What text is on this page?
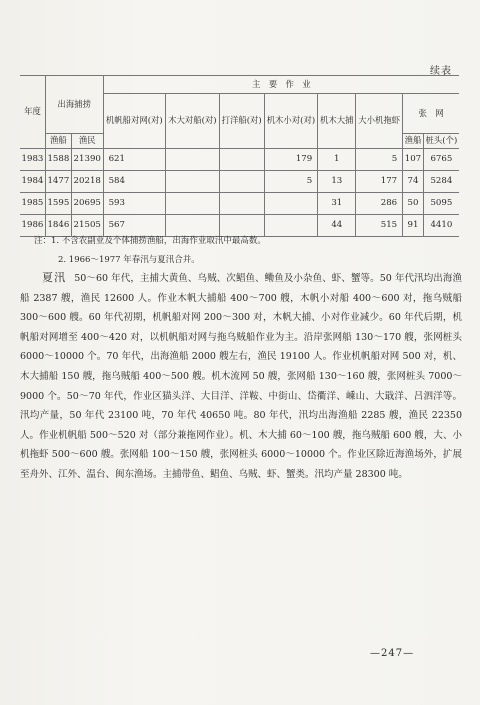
续表
年度	出海捕捞		主　要　作　业							
			机帆船对网(对)	木大对船(对)	打洋船(对)	机木小对(对)	机木大捕	大小机拖虾	张　网	
	渔船	渔民							渔船	桩头(个)
1983	1588	21390	621			179	1	5	107	6765
1984	1477	20218	584			5	13	177	74	5284
1985	1595	20695	593				31	286	50	5095
1986	1846	21505	567				44	515	91	4410

注：1. 不含农副业及个体捕捞渔船，出海作业取汛中最高数。

2. 1966～1977 年春汛与夏汛合并。

夏汛 50～60 年代，主捕大黄鱼、乌贼、次鲳鱼、鳓鱼及小杂鱼、虾、蟹等。50 年代汛均出海渔船 2387 艘，渔民 12600 人。作业木帆大捕船 400～700 艘，木帆小对船 400～600 对，拖乌贼船 300～600 艘。60 年代初期，机帆船对网 200～300 对，木帆大捕、小对作业减少。60 年代后期，机帆船对网增至 400～420 对，以机帆船对网与拖乌贼船作业为主。沿岸张网船 130～170 艘，张网桩头 6000～10000 个。70 年代，出海渔船 2000 艘左右，渔民 19100 人。作业机帆船对网 500 对，机、木大捕船 150 艘，拖乌贼船 400～500 艘。机木流网 50 艘，张网船 130～160 艘，张网桩头 7000～9000 个。50～70 年代，作业区猫头洋、大目洋、洋鞍、中街山、岱衢洋、嵊山、大戢洋、吕泗洋等。汛均产量，50 年代 23100 吨，70 年代 40650 吨。80 年代，汛均出海渔船 2285 艘，渔民 22350 人。作业机帆船 500～520 对（部分兼拖网作业）。机、木大捕 60～100 艘，拖乌贼船 600 艘，大、小机拖虾 500～600 艘。张网船 100～150 艘，张网桩头 6000～10000 个。作业区除近海渔场外，扩展至舟外、江外、温台、闽东渔场。主捕带鱼、鲳鱼、乌贼、虾、蟹类。汛均产量 28300 吨。
—247—
